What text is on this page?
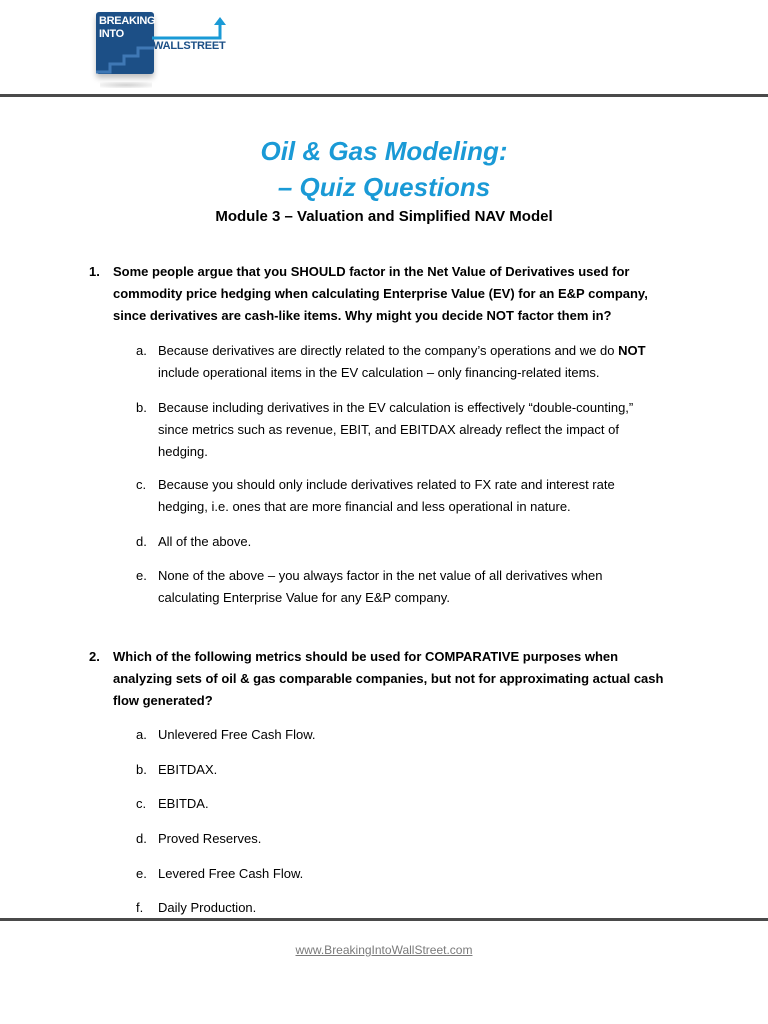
BREAKING
INTO
WALLSTREET
Oil & Gas Modeling:
– Quiz Questions
Module 3 – Valuation and Simplified NAV Model
1. Some people argue that you SHOULD factor in the Net Value of Derivatives used for
commodity price hedging when calculating Enterprise Value (EV) for an E&P company,
since derivatives are cash-like items. Why might you decide NOT factor them in?
a. Because derivatives are directly related to the company’s operations and we do NOT
include operational items in the EV calculation – only financing-related items.
b. Because including derivatives in the EV calculation is effectively “double-counting,”
since metrics such as revenue, EBIT, and EBITDAX already reflect the impact of
hedging.
c. Because you should only include derivatives related to FX rate and interest rate
hedging, i.e. ones that are more financial and less operational in nature.
d. All of the above.
e. None of the above – you always factor in the net value of all derivatives when
calculating Enterprise Value for any E&P company.
2. Which of the following metrics should be used for COMPARATIVE purposes when
analyzing sets of oil & gas comparable companies, but not for approximating actual cash
flow generated?
a. Unlevered Free Cash Flow.
b. EBITDAX.
c. EBITDA.
d. Proved Reserves.
e. Levered Free Cash Flow.
f. Daily Production.
www.BreakingIntoWallStreet.com
